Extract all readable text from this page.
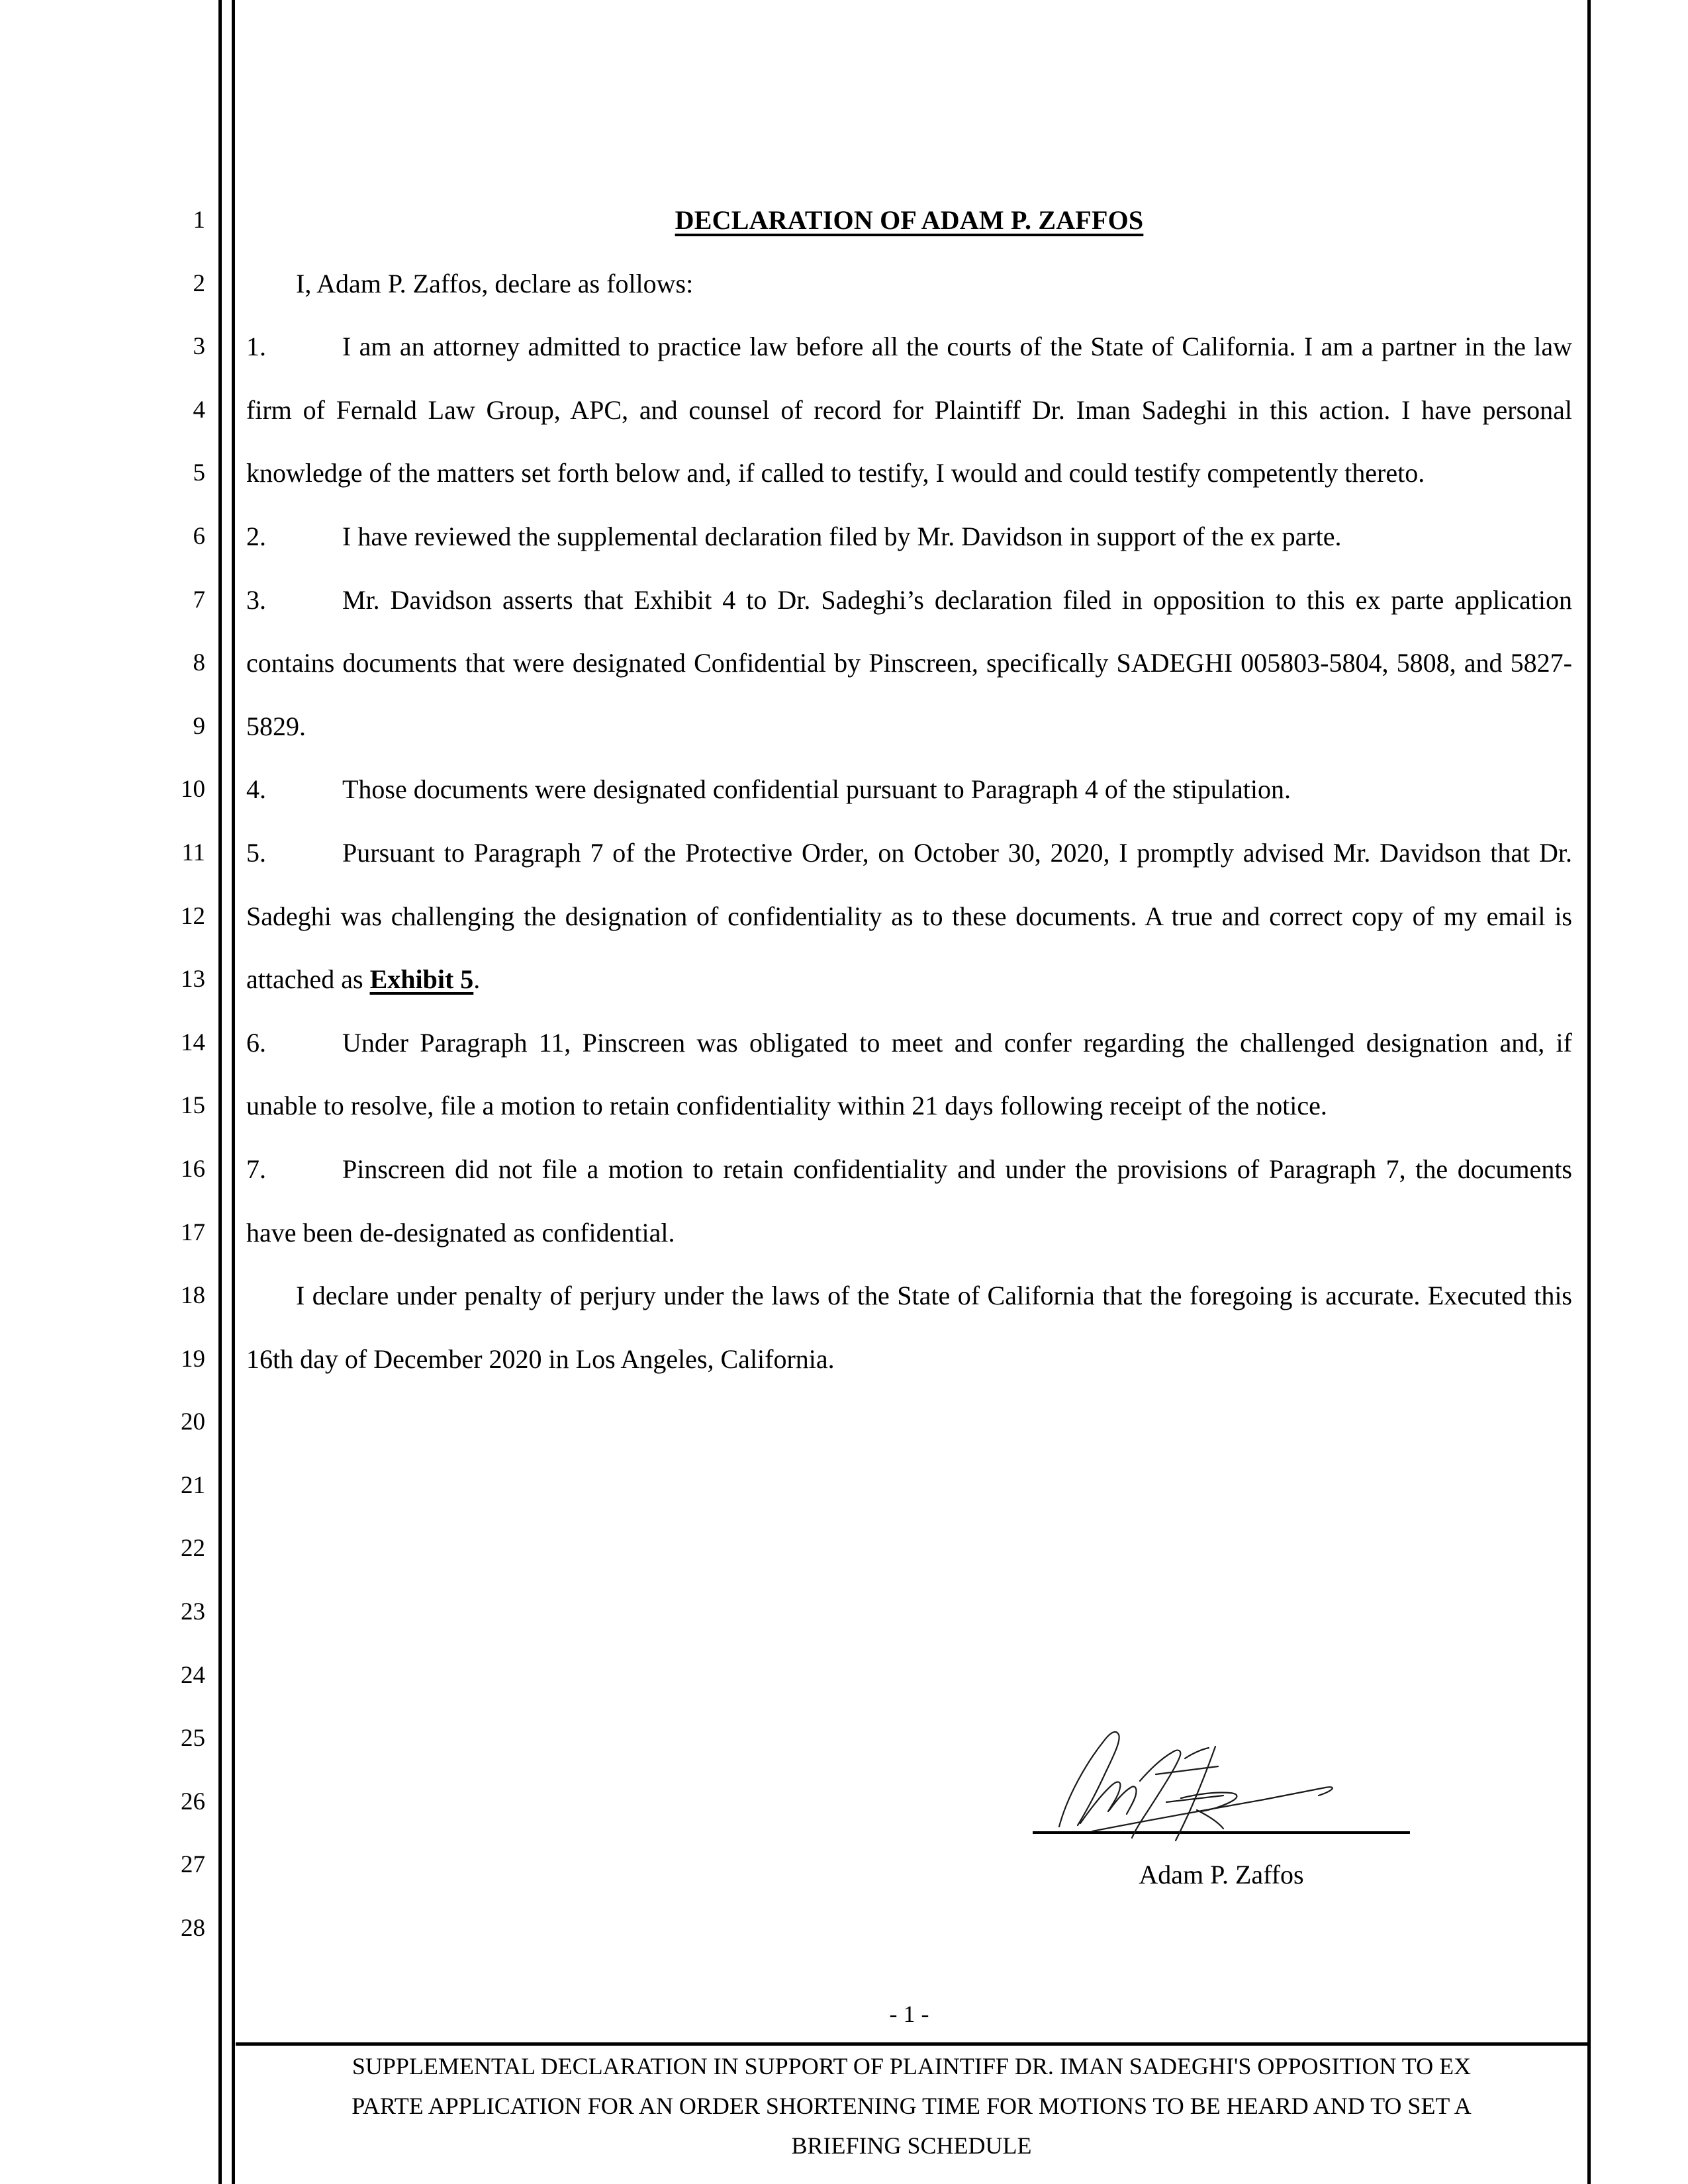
1
2
3
4
5
6
7
8
9
10
11
12
13
14
15
16
17
18
19
20
21
22
23
24
25
26
27
28
DECLARATION OF ADAM P. ZAFFOS

I, Adam P. Zaffos, declare as follows:

1.	I am an attorney admitted to practice law before all the courts of the State of California. I am a partner in the law firm of Fernald Law Group, APC, and counsel of record for Plaintiff Dr. Iman Sadeghi in this action. I have personal knowledge of the matters set forth below and, if called to testify, I would and could testify competently thereto.

2.	I have reviewed the supplemental declaration filed by Mr. Davidson in support of the ex parte.

3.	Mr. Davidson asserts that Exhibit 4 to Dr. Sadeghi’s declaration filed in opposition to this ex parte application contains documents that were designated Confidential by Pinscreen, specifically SADEGHI 005803-5804, 5808, and 5827-5829.

4.	Those documents were designated confidential pursuant to Paragraph 4 of the stipulation.

5.	Pursuant to Paragraph 7 of the Protective Order, on October 30, 2020, I promptly advised Mr. Davidson that Dr. Sadeghi was challenging the designation of confidentiality as to these documents. A true and correct copy of my email is attached as Exhibit 5.

6.	Under Paragraph 11, Pinscreen was obligated to meet and confer regarding the challenged designation and, if unable to resolve, file a motion to retain confidentiality within 21 days following receipt of the notice.

7.	Pinscreen did not file a motion to retain confidentiality and under the provisions of Paragraph 7, the documents have been de-designated as confidential.

I declare under penalty of perjury under the laws of the State of California that the foregoing is accurate. Executed this 16th day of December 2020 in Los Angeles, California.

Adam P. Zaffos
- 1 -
SUPPLEMENTAL DECLARATION IN SUPPORT OF PLAINTIFF DR. IMAN SADEGHI'S OPPOSITION TO EX
PARTE APPLICATION FOR AN ORDER SHORTENING TIME FOR MOTIONS TO BE HEARD AND TO SET A
BRIEFING SCHEDULE
